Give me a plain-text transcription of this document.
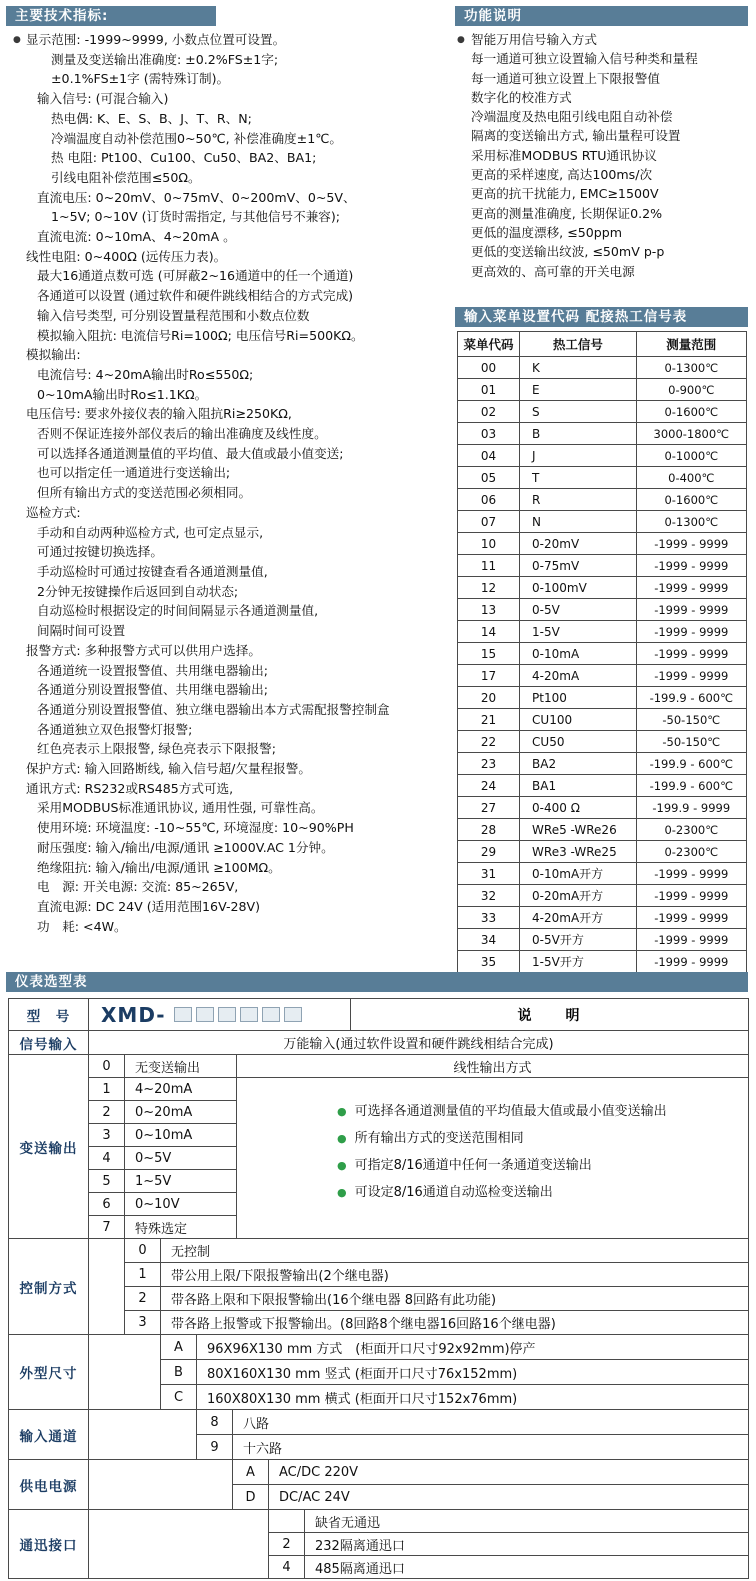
主要技术指标:
● 显示范围: -1999~9999, 小数点位置可设置。
测量及变送输出准确度: ±0.2%FS±1字;
±0.1%FS±1字 (需特殊订制)。
输入信号: (可混合输入)
热电偶: K、E、S、B、J、T、R、N;
冷端温度自动补偿范围0~50℃, 补偿准确度±1℃。
热 电阻: Pt100、Cu100、Cu50、BA2、BA1;
引线电阻补偿范围≤50Ω。
直流电压: 0~20mV、0~75mV、0~200mV、0~5V、
1~5V; 0~10V (订货时需指定, 与其他信号不兼容);
直流电流: 0~10mA、4~20mA 。
线性电阻: 0~400Ω (远传压力表)。
最大16通道点数可选 (可屏蔽2~16通道中的任一个通道)
各通道可以设置 (通过软件和硬件跳线相结合的方式完成)
输入信号类型, 可分别设置量程范围和小数点位数
模拟输入阻抗: 电流信号Ri=100Ω; 电压信号Ri=500KΩ。
模拟输出:
电流信号: 4~20mA输出时Ro≤550Ω;
0~10mA输出时Ro≤1.1KΩ。
电压信号: 要求外接仪表的输入阻抗Ri≥250KΩ,
否则不保证连接外部仪表后的输出准确度及线性度。
可以选择各通道测量值的平均值、最大值或最小值变送;
也可以指定任一通道进行变送输出;
但所有输出方式的变送范围必须相同。
巡检方式:
手动和自动两种巡检方式, 也可定点显示,
可通过按键切换选择。
手动巡检时可通过按键查看各通道测量值,
2分钟无按键操作后返回到自动状态;
自动巡检时根据设定的时间间隔显示各通道测量值,
间隔时间可设置
报警方式: 多种报警方式可以供用户选择。
各通道统一设置报警值、共用继电器输出;
各通道分别设置报警值、共用继电器输出;
各通道分别设置报警值、独立继电器输出本方式需配报警控制盒
各通道独立双色报警灯报警;
红色亮表示上限报警, 绿色亮表示下限报警;
保护方式: 输入回路断线, 输入信号超/欠量程报警。
通讯方式: RS232或RS485方式可选,
采用MODBUS标准通讯协议, 通用性强, 可靠性高。
使用环境: 环境温度: -10~55℃, 环境湿度: 10~90%PH
耐压强度: 输入/输出/电源/通讯 ≥1000V.AC 1分钟。
绝缘阻抗: 输入/输出/电源/通讯 ≥100MΩ。
电　源: 开关电源: 交流: 85~265V,
直流电源: DC 24V (适用范围16V-28V)
功　耗: <4W。
功能说明
● 智能万用信号输入方式
每一通道可独立设置输入信号种类和量程
每一通道可独立设置上下限报警值
数字化的校准方式
冷端温度及热电阻引线电阻自动补偿
隔离的变送输出方式, 输出量程可设置
采用标准MODBUS RTU通讯协议
更高的采样速度, 高达100ms/次
更高的抗干扰能力, EMC≥1500V
更高的测量准确度, 长期保证0.2%
更低的温度漂移, ≤50ppm
更低的变送输出纹波, ≤50mV p-p
更高效的、高可靠的开关电源
输入菜单设置代码 配接热工信号表
菜单代码	热工信号	测量范围
00	K	0-1300℃
01	E	0-900℃
02	S	0-1600℃
03	B	3000-1800℃
04	J	0-1000℃
05	T	0-400℃
06	R	0-1600℃
07	N	0-1300℃
10	0-20mV	-1999 - 9999
11	0-75mV	-1999 - 9999
12	0-100mV	-1999 - 9999
13	0-5V	-1999 - 9999
14	1-5V	-1999 - 9999
15	0-10mA	-1999 - 9999
17	4-20mA	-1999 - 9999
20	Pt100	-199.9 - 600℃
21	CU100	-50-150℃
22	CU50	-50-150℃
23	BA2	-199.9 - 600℃
24	BA1	-199.9 - 600℃
27	0-400 Ω	-199.9 - 9999
28	WRe5 -WRe26	0-2300℃
29	WRe3 -WRe25	0-2300℃
31	0-10mA开方	-1999 - 9999
32	0-20mA开方	-1999 - 9999
33	4-20mA开方	-1999 - 9999
34	0-5V开方	-1999 - 9999
35	1-5V开方	-1999 - 9999
仪表选型表
型　号	XMD-	说　　明
信号输入	万能输入(通过软件设置和硬件跳线相结合完成)
变送输出
0	无变送输出	线性输出方式
1	4~20mA
2	0~20mA
3	0~10mA
4	0~5V
5	1~5V
6	0~10V
7	特殊选定
● 可选择各通道测量值的平均值最大值或最小值变送输出
● 所有输出方式的变送范围相同
● 可指定8/16通道中任何一条通道变送输出
● 可设定8/16通道自动巡检变送输出
控制方式
0	无控制
1	带公用上限/下限报警输出(2个继电器)
2	带各路上限和下限报警输出(16个继电器 8回路有此功能)
3	带各路上报警或下报警输出。(8回路8个继电器16回路16个继电器)
外型尺寸
A	96X96X130 mm 方式　(柜面开口尺寸92x92mm)停产
B	80X160X130 mm 竖式 (柜面开口尺寸76x152mm)
C	160X80X130 mm 横式 (柜面开口尺寸152x76mm)
输入通道
8	八路
9	十六路
供电电源
A	AC/DC 220V
D	DC/AC 24V
通迅接口
缺省无通迅
2	232隔离通迅口
4	485隔离通迅口
